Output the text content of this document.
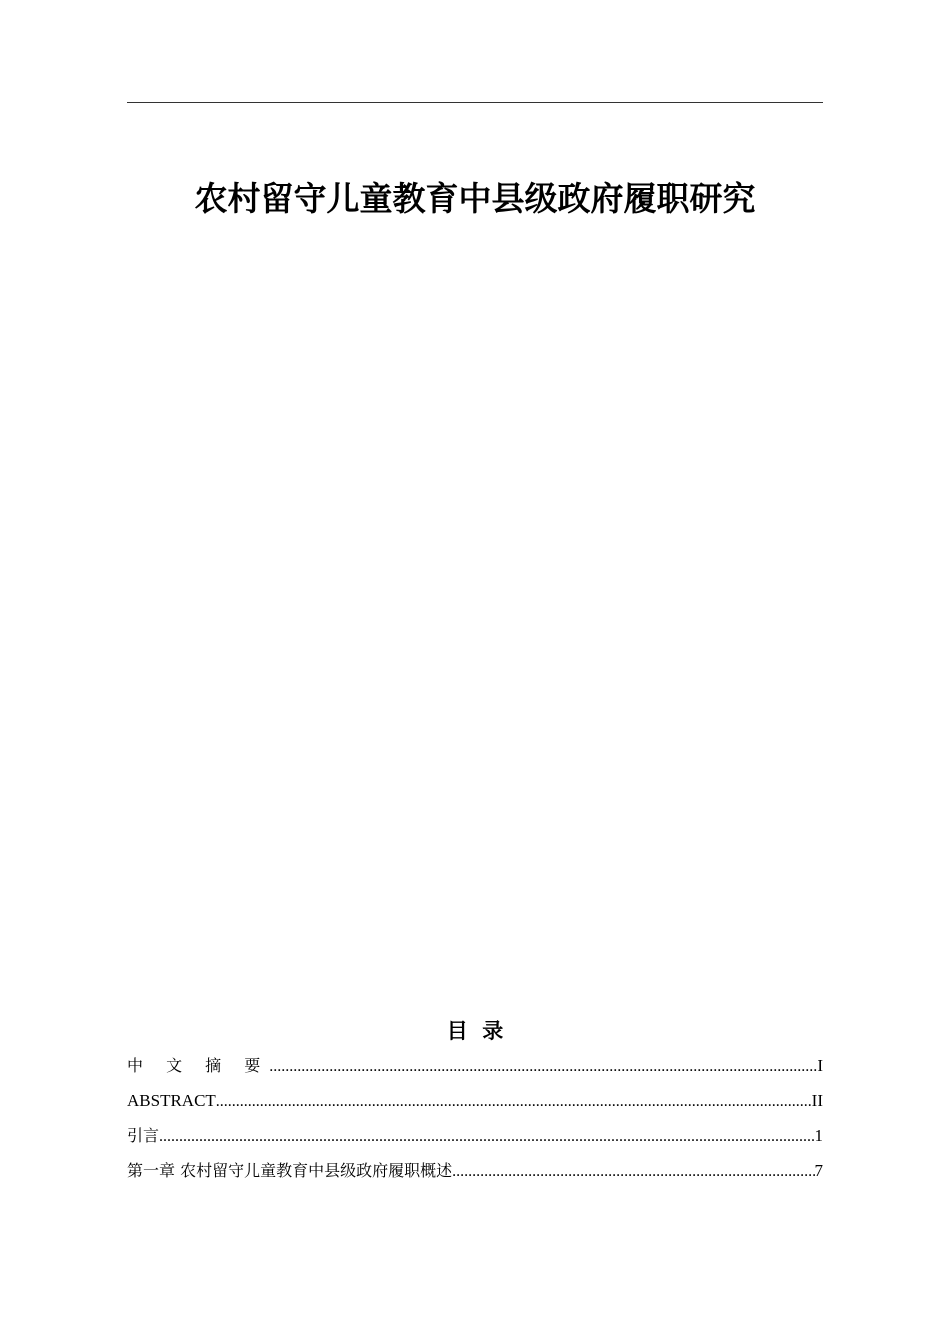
农村留守儿童教育中县级政府履职研究
目  录
中 文 摘 要 .....	I
ABSTRACT .....	II
引言 .....	1
第一章 农村留守儿童教育中县级政府履职概述 .....	7
